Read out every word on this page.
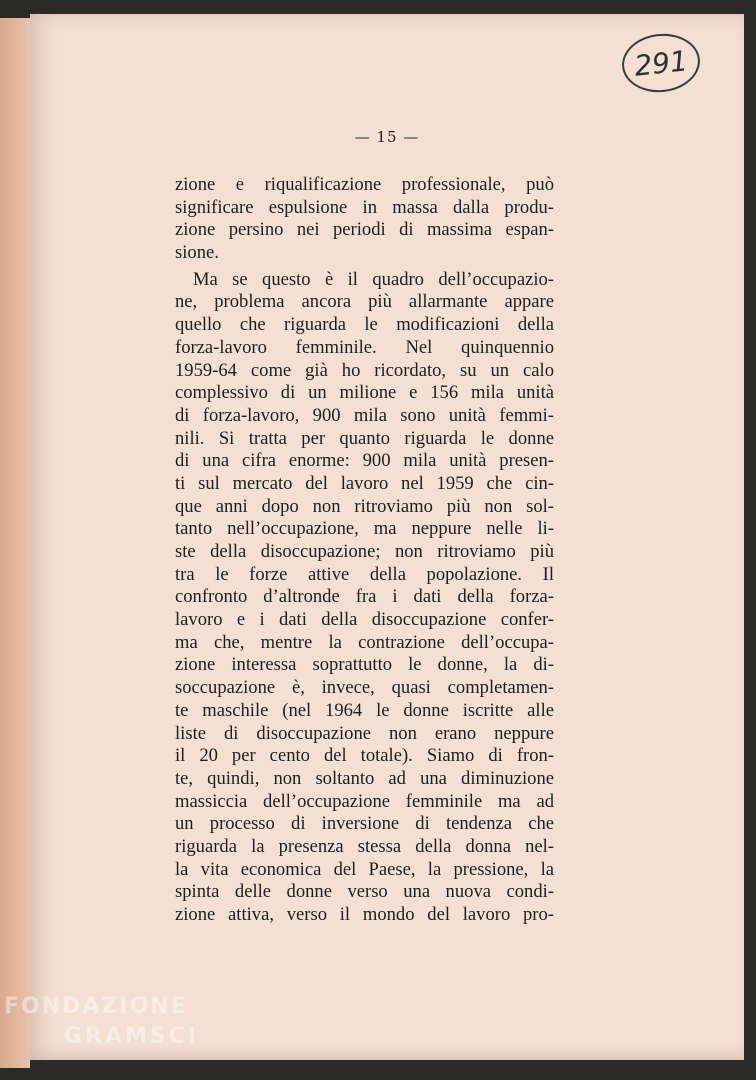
291
— 15 —
zione e riqualificazione professionale, può
significare espulsione in massa dalla produ-
zione persino nei periodi di massima espan-
sione.
Ma se questo è il quadro dell’occupazio-
ne, problema ancora più allarmante appare
quello che riguarda le modificazioni della
forza-lavoro femminile. Nel quinquennio
1959-64 come già ho ricordato, su un calo
complessivo di un milione e 156 mila unità
di forza-lavoro, 900 mila sono unità femmi-
nili. Si tratta per quanto riguarda le donne
di una cifra enorme: 900 mila unità presen-
ti sul mercato del lavoro nel 1959 che cin-
que anni dopo non ritroviamo più non sol-
tanto nell’occupazione, ma neppure nelle li-
ste della disoccupazione; non ritroviamo più
tra le forze attive della popolazione. Il
confronto d’altronde fra i dati della forza-
lavoro e i dati della disoccupazione confer-
ma che, mentre la contrazione dell’occupa-
zione interessa soprattutto le donne, la di-
soccupazione è, invece, quasi completamen-
te maschile (nel 1964 le donne iscritte alle
liste di disoccupazione non erano neppure
il 20 per cento del totale). Siamo di fron-
te, quindi, non soltanto ad una diminuzione
massiccia dell’occupazione femminile ma ad
un processo di inversione di tendenza che
riguarda la presenza stessa della donna nel-
la vita economica del Paese, la pressione, la
spinta delle donne verso una nuova condi-
zione attiva, verso il mondo del lavoro pro-
FONDAZIONE
GRAMSCI
